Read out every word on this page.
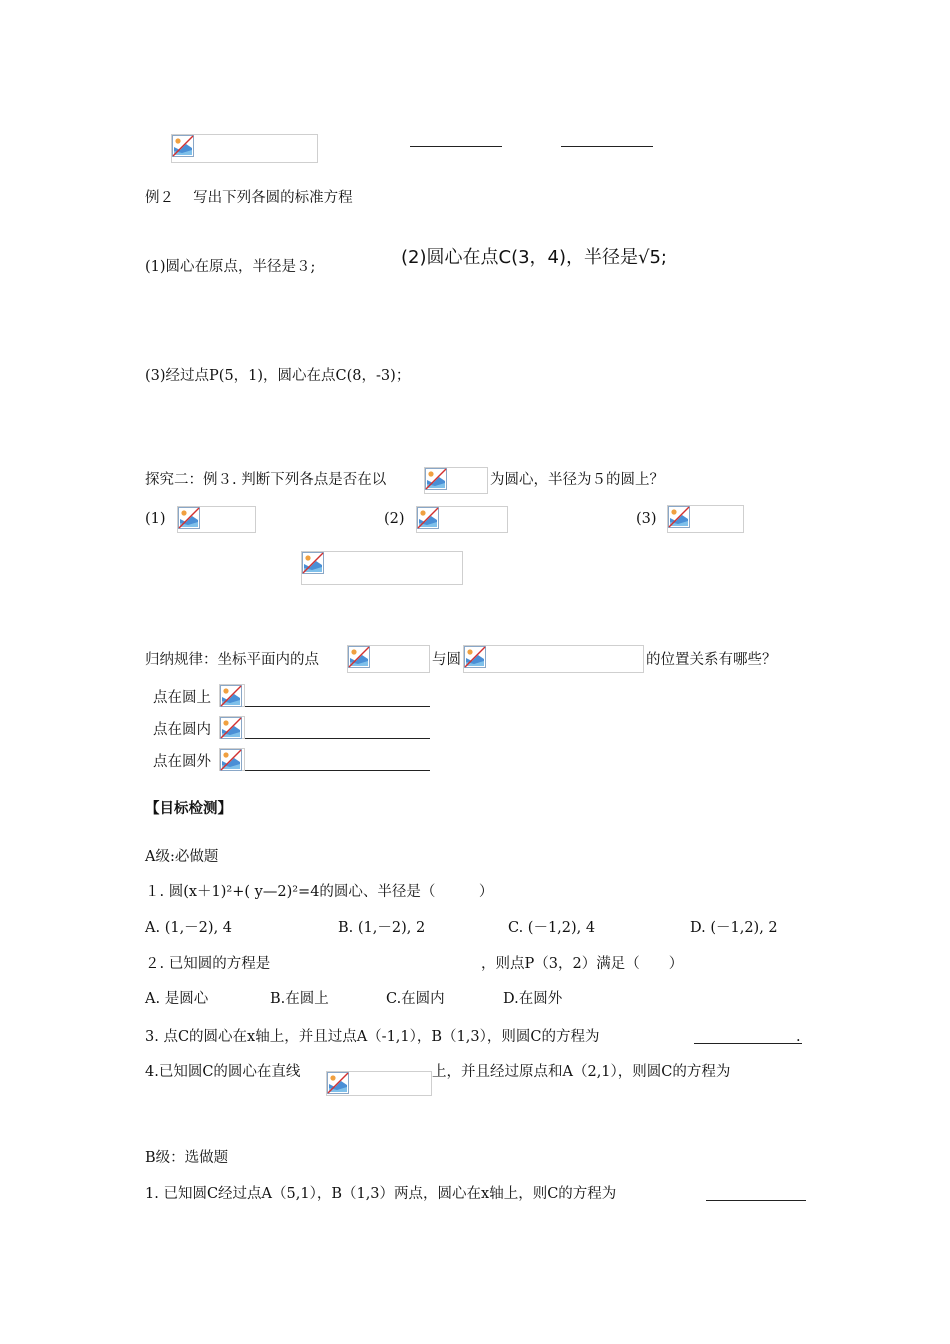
例２　 写出下列各圆的标准方程
(1)圆心在原点，半径是３;	(2)圆心在点C(3，4)，半径是√5;
(3)经过点P(5，1)，圆心在点C(8，-3)；
探究二：例３. 判断下列各点是否在以	为圆心，半径为５的圆上？
(1)	(2)	(3)
归纳规律：坐标平面内的点	与圆	的位置关系有哪些？
点在圆上
点在圆内
点在圆外
【目标检测】
A级:必做题
１. 圆(x＋1)²+( y—2)²=4的圆心、半径是（　　　）
A. (1,－2), 4	B. (1,－2), 2	C. (－1,2), 4	D. (－1,2), 2
２. 已知圆的方程是	，则点P（3，2）满足（　　）
A. 是圆心	B.在圆上	C.在圆内	D.在圆外
3. 点C的圆心在x轴上，并且过点A（-1,1），B（1,3），则圆C的方程为	.
4.已知圆C的圆心在直线	上，并且经过原点和A（2,1），则圆C的方程为
B级：选做题
1. 已知圆C经过点A（5,1），B（1,3）两点，圆心在x轴上，则C的方程为
